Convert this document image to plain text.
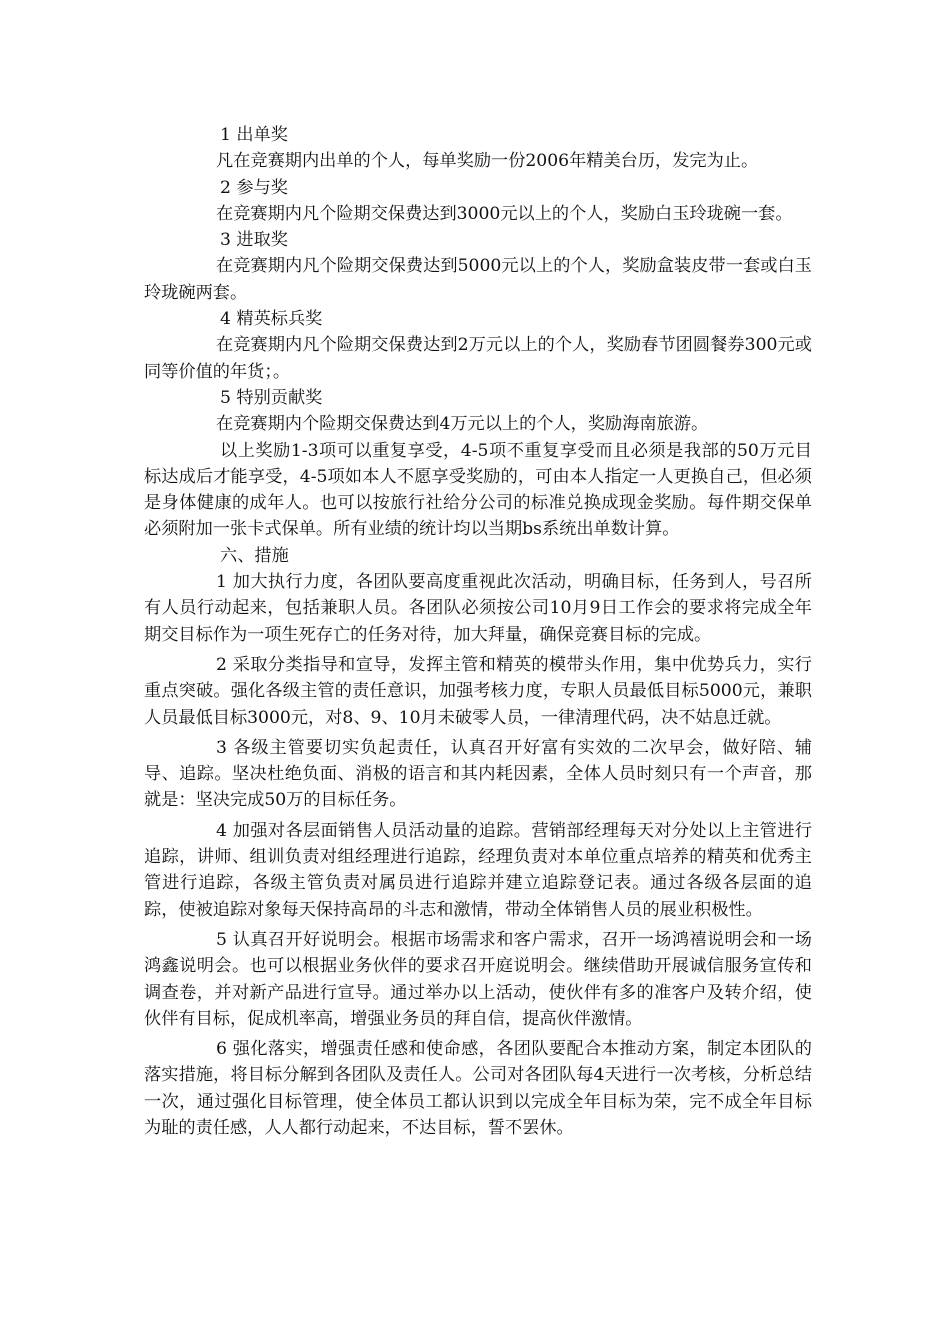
1 出单奖

凡在竞赛期内出单的个人，每单奖励一份2006年精美台历，发完为止。

2 参与奖

在竞赛期内凡个险期交保费达到3000元以上的个人，奖励白玉玲珑碗一套。

3 进取奖

在竞赛期内凡个险期交保费达到5000元以上的个人，奖励盒装皮带一套或白玉玲珑碗两套。

4 精英标兵奖

在竞赛期内凡个险期交保费达到2万元以上的个人，奖励春节团圆餐券300元或同等价值的年货；。

5 特别贡献奖

在竞赛期内个险期交保费达到4万元以上的个人，奖励海南旅游。

以上奖励1-3项可以重复享受，4-5项不重复享受而且必须是我部的50万元目标达成后才能享受，4-5项如本人不愿享受奖励的，可由本人指定一人更换自己，但必须是身体健康的成年人。也可以按旅行社给分公司的标准兑换成现金奖励。每件期交保单必须附加一张卡式保单。所有业绩的统计均以当期bs系统出单数计算。

六、措施

1 加大执行力度，各团队要高度重视此次活动，明确目标，任务到人，号召所有人员行动起来，包括兼职人员。各团队必须按公司10月9日工作会的要求将完成全年期交目标作为一项生死存亡的任务对待，加大拜量，确保竞赛目标的完成。

2 采取分类指导和宣导，发挥主管和精英的模带头作用，集中优势兵力，实行重点突破。强化各级主管的责任意识，加强考核力度，专职人员最低目标5000元，兼职人员最低目标3000元，对8、9、10月未破零人员，一律清理代码，决不姑息迁就。

3 各级主管要切实负起责任，认真召开好富有实效的二次早会，做好陪、辅导、追踪。坚决杜绝负面、消极的语言和其内耗因素，全体人员时刻只有一个声音，那就是：坚决完成50万的目标任务。

4 加强对各层面销售人员活动量的追踪。营销部经理每天对分处以上主管进行追踪，讲师、组训负责对组经理进行追踪，经理负责对本单位重点培养的精英和优秀主管进行追踪，各级主管负责对属员进行追踪并建立追踪登记表。通过各级各层面的追踪，使被追踪对象每天保持高昂的斗志和激情，带动全体销售人员的展业积极性。

5 认真召开好说明会。根据市场需求和客户需求，召开一场鸿禧说明会和一场鸿鑫说明会。也可以根据业务伙伴的要求召开庭说明会。继续借助开展诚信服务宣传和调查卷，并对新产品进行宣导。通过举办以上活动，使伙伴有多的准客户及转介绍，使伙伴有目标，促成机率高，增强业务员的拜自信，提高伙伴激情。

6 强化落实，增强责任感和使命感，各团队要配合本推动方案，制定本团队的落实措施，将目标分解到各团队及责任人。公司对各团队每4天进行一次考核，分析总结一次，通过强化目标管理，使全体员工都认识到以完成全年目标为荣，完不成全年目标为耻的责任感，人人都行动起来，不达目标，誓不罢休。
